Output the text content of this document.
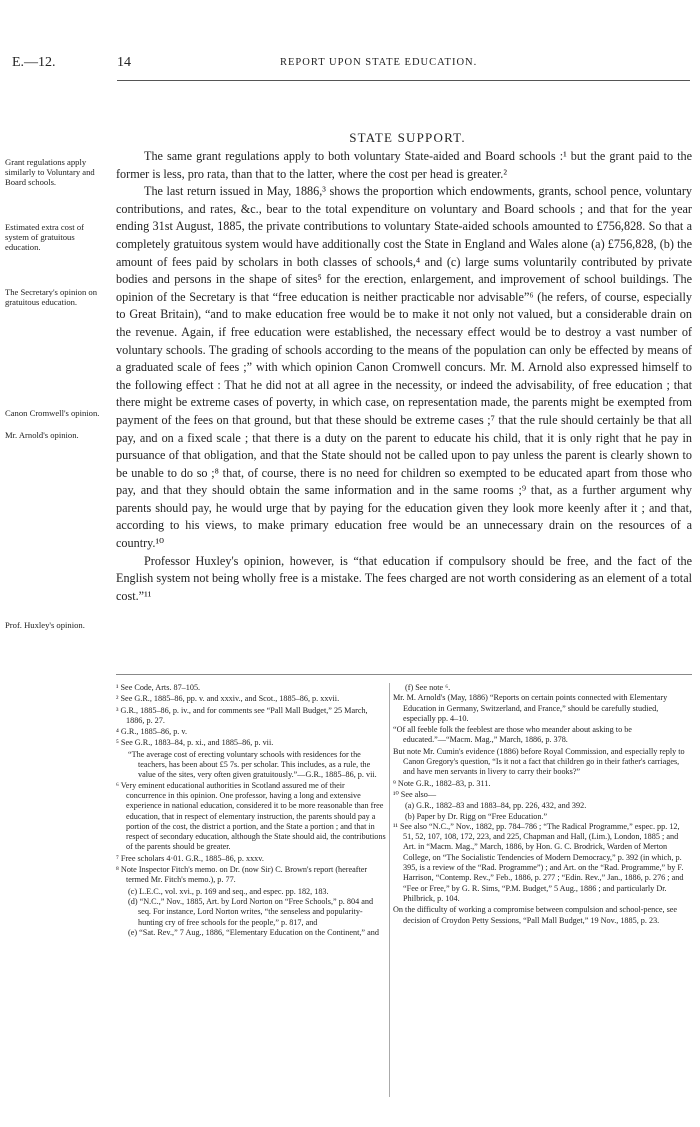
E.—12.	14	REPORT UPON STATE EDUCATION.
STATE SUPPORT.
Grant regulations apply similarly to Voluntary and Board schools.
Estimated extra cost of system of gratuitous education.
The Secretary's opinion on gratuitous education.
Canon Cromwell's opinion.
Mr. Arnold's opinion.
Prof. Huxley's opinion.

The same grant regulations apply to both voluntary State-aided and Board schools :¹ but the grant paid to the former is less, pro rata, than that to the latter, where the cost per head is greater.²

The last return issued in May, 1886,³ shows the proportion which endowments, grants, school pence, voluntary contributions, and rates, &c., bear to the total expenditure on voluntary and Board schools ; and that for the year ending 31st August, 1885, the private contributions to voluntary State-aided schools amounted to £756,828. So that a completely gratuitous system would have additionally cost the State in England and Wales alone (a) £756,828, (b) the amount of fees paid by scholars in both classes of schools,⁴ and (c) large sums voluntarily contributed by private bodies and persons in the shape of sites⁵ for the erection, enlargement, and improvement of school buildings. The opinion of the Secretary is that “free education is neither practicable nor advisable”⁶ (he refers, of course, especially to Great Britain), “and to make education free would be to make it not only not valued, but a considerable drain on the revenue. Again, if free education were established, the necessary effect would be to destroy a vast number of voluntary schools. The grading of schools according to the means of the population can only be effected by means of a graduated scale of fees ;” with which opinion Canon Cromwell concurs. Mr. M. Arnold also expressed himself to the following effect : That he did not at all agree in the necessity, or indeed the advisability, of free education ; that there might be extreme cases of poverty, in which case, on representation made, the parents might be exempted from payment of the fees on that ground, but that these should be extreme cases ;⁷ that the rule should certainly be that all pay, and on a fixed scale ; that there is a duty on the parent to educate his child, that it is only right that he pay in pursuance of that obligation, and that the State should not be called upon to pay unless the parent is clearly shown to be unable to do so ;⁸ that, of course, there is no need for children so exempted to be educated apart from those who pay, and that they should obtain the same information and in the same rooms ;⁹ that, as a further argument why parents should pay, he would urge that by paying for the education given they look more keenly after it ; and that, according to his views, to make primary education free would be an unnecessary drain on the resources of a country.¹⁰

Professor Huxley's opinion, however, is “that education if compulsory should be free, and the fact of the English system not being wholly free is a mistake. The fees charged are not worth considering as an element of a total cost.”¹¹

¹ See Code, Arts. 87–105.
² See G.R., 1885–86, pp. v. and xxxiv., and Scot., 1885–86, p. xxvii.
³ G.R., 1885–86, p. iv., and for comments see “Pall Mall Budget,” 25 March, 1886, p. 27.
⁴ G.R., 1885–86, p. v.
⁵ See G.R., 1883–84, p. xi., and 1885–86, p. vii.
“The average cost of erecting voluntary schools with residences for the teachers, has been about £5 7s. per scholar. This includes, as a rule, the value of the sites, very often given gratuitously.”—G.R., 1885–86, p. vii.
⁶ Very eminent educational authorities in Scotland assured me of their concurrence in this opinion. One professor, having a long and extensive experience in national education, considered it to be more reasonable than free education, that in respect of elementary instruction, the parents should pay a portion of the cost, the district a portion, and the State a portion ; and that in respect of secondary education, although the State should aid, the contributions of the parents should be greater.
⁷ Free scholars 4·01. G.R., 1885–86, p. xxxv.
⁸ Note Inspector Fitch's memo. on Dr. (now Sir) C. Brown's report (hereafter termed Mr. Fitch's memo.), p. 77.
(c) L.E.C., vol. xvi., p. 169 and seq., and espec. pp. 182, 183.
(d) “N.C.,” Nov., 1885, Art. by Lord Norton on “Free Schools,” p. 804 and seq. For instance, Lord Norton writes, “the senseless and popularity-hunting cry of free schools for the people,” p. 817, and
(e) “Sat. Rev.,” 7 Aug., 1886, “Elementary Education on the Continent,” and
(f) See note ⁶.
Mr. M. Arnold's (May, 1886) “Reports on certain points connected with Elementary Education in Germany, Switzerland, and France,” should be carefully studied, especially pp. 4–10.
“Of all feeble folk the feeblest are those who meander about asking to be educated.”—“Macm. Mag.,” March, 1886, p. 378.
But note Mr. Cumin's evidence (1886) before Royal Commission, and especially reply to Canon Gregory's question, “Is it not a fact that children go in their father's carriages, and have men servants in livery to carry their books?”
⁹ Note G.R., 1882–83, p. 311.
¹⁰ See also—
(a) G.R., 1882–83 and 1883–84, pp. 226, 432, and 392.
(b) Paper by Dr. Rigg on “Free Education.”
¹¹ See also “N.C.,” Nov., 1882, pp. 784–786 ; “The Radical Programme,” espec. pp. 12, 51, 52, 107, 108, 172, 223, and 225, Chapman and Hall, (Lim.), London, 1885 ; and Art. in “Macm. Mag.,” March, 1886, by Hon. G. C. Brodrick, Warden of Merton College, on “The Socialistic Tendencies of Modern Democracy,” p. 392 (in which, p. 395, is a review of the “Rad. Programme”) ; and Art. on the “Rad. Programme,” by F. Harrison, “Contemp. Rev.,” Feb., 1886, p. 277 ; “Edin. Rev.,” Jan., 1886, p. 276 ; and “Fee or Free,” by G. R. Sims, “P.M. Budget,” 5 Aug., 1886 ; and particularly Dr. Philbrick, p. 104.
On the difficulty of working a compromise between compulsion and school-pence, see decision of Croydon Petty Sessions, “Pall Mall Budget,” 19 Nov., 1885, p. 23.
